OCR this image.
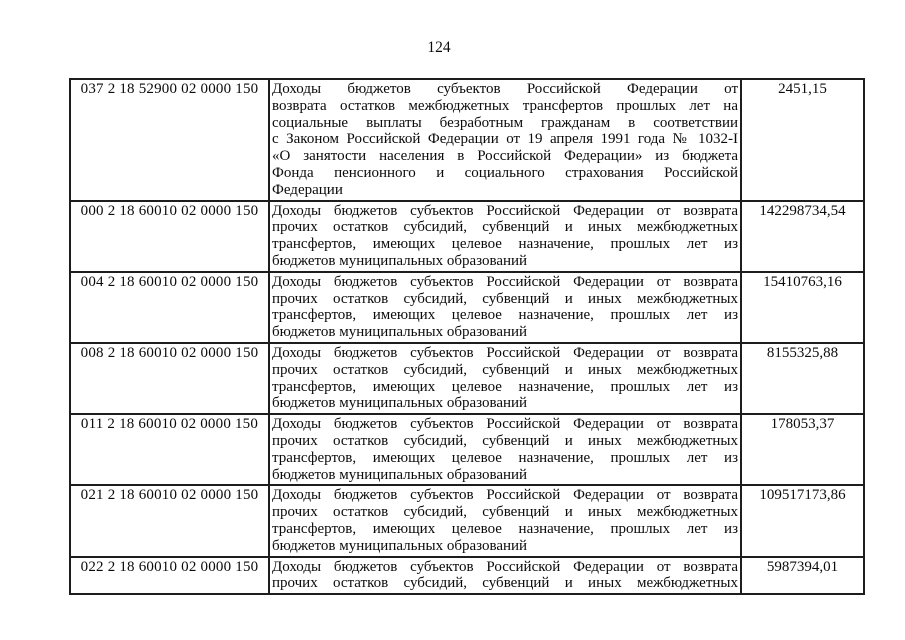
124
037 2 18 52900 02 0000 150	Доходы бюджетов субъектов Российской Федерации от
возврата остатков межбюджетных трансфертов прошлых лет на
социальные выплаты безработным гражданам в соответствии
с Законом Российской Федерации от 19 апреля 1991 года № 1032-I
«О занятости населения в Российской Федерации» из бюджета
Фонда пенсионного и социального страхования Российской
Федерации
	2451,15
000 2 18 60010 02 0000 150	Доходы бюджетов субъектов Российской Федерации от возврата
прочих остатков субсидий, субвенций и иных межбюджетных
трансфертов, имеющих целевое назначение, прошлых лет из
бюджетов муниципальных образований	142298734,54
004 2 18 60010 02 0000 150	Доходы бюджетов субъектов Российской Федерации от возврата
прочих остатков субсидий, субвенций и иных межбюджетных
трансфертов, имеющих целевое назначение, прошлых лет из
бюджетов муниципальных образований	15410763,16
008 2 18 60010 02 0000 150	Доходы бюджетов субъектов Российской Федерации от возврата
прочих остатков субсидий, субвенций и иных межбюджетных
трансфертов, имеющих целевое назначение, прошлых лет из
бюджетов муниципальных образований	8155325,88
011 2 18 60010 02 0000 150	Доходы бюджетов субъектов Российской Федерации от возврата
прочих остатков субсидий, субвенций и иных межбюджетных
трансфертов, имеющих целевое назначение, прошлых лет из
бюджетов муниципальных образований	178053,37
021 2 18 60010 02 0000 150	Доходы бюджетов субъектов Российской Федерации от возврата
прочих остатков субсидий, субвенций и иных межбюджетных
трансфертов, имеющих целевое назначение, прошлых лет из
бюджетов муниципальных образований	109517173,86
022 2 18 60010 02 0000 150	Доходы бюджетов субъектов Российской Федерации от возврата
прочих остатков субсидий, субвенций и иных межбюджетных	5987394,01
